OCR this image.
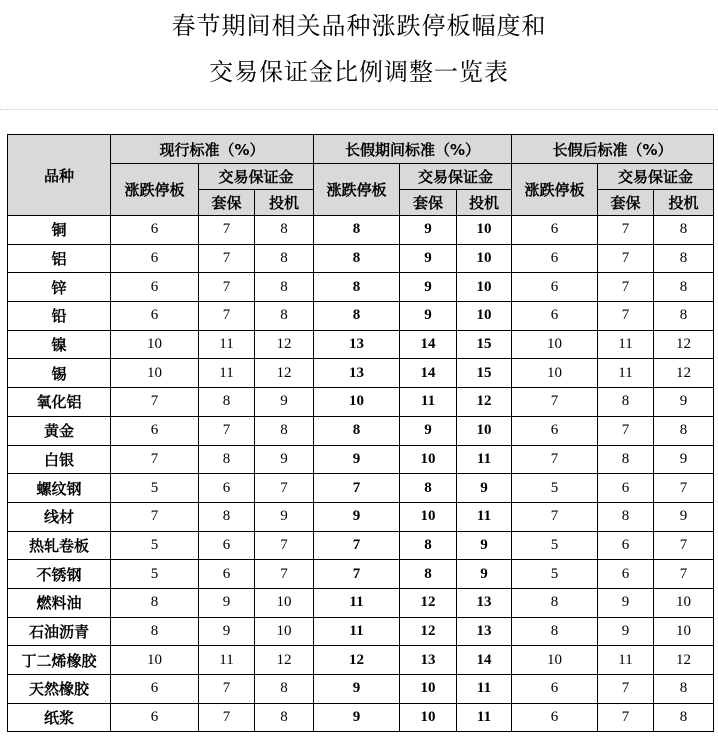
春节期间相关品种涨跌停板幅度和
交易保证金比例调整一览表
品种	现行标准（%）			长假期间标准（%）			长假后标准（%）		
	涨跌停板	交易保证金		涨跌停板	交易保证金		涨跌停板	交易保证金	
		套保	投机		套保	投机		套保	投机
铜	6	7	8	8	9	10	6	7	8
铝	6	7	8	8	9	10	6	7	8
锌	6	7	8	8	9	10	6	7	8
铅	6	7	8	8	9	10	6	7	8
镍	10	11	12	13	14	15	10	11	12
锡	10	11	12	13	14	15	10	11	12
氧化铝	7	8	9	10	11	12	7	8	9
黄金	6	7	8	8	9	10	6	7	8
白银	7	8	9	9	10	11	7	8	9
螺纹钢	5	6	7	7	8	9	5	6	7
线材	7	8	9	9	10	11	7	8	9
热轧卷板	5	6	7	7	8	9	5	6	7
不锈钢	5	6	7	7	8	9	5	6	7
燃料油	8	9	10	11	12	13	8	9	10
石油沥青	8	9	10	11	12	13	8	9	10
丁二烯橡胶	10	11	12	12	13	14	10	11	12
天然橡胶	6	7	8	9	10	11	6	7	8
纸浆	6	7	8	9	10	11	6	7	8
